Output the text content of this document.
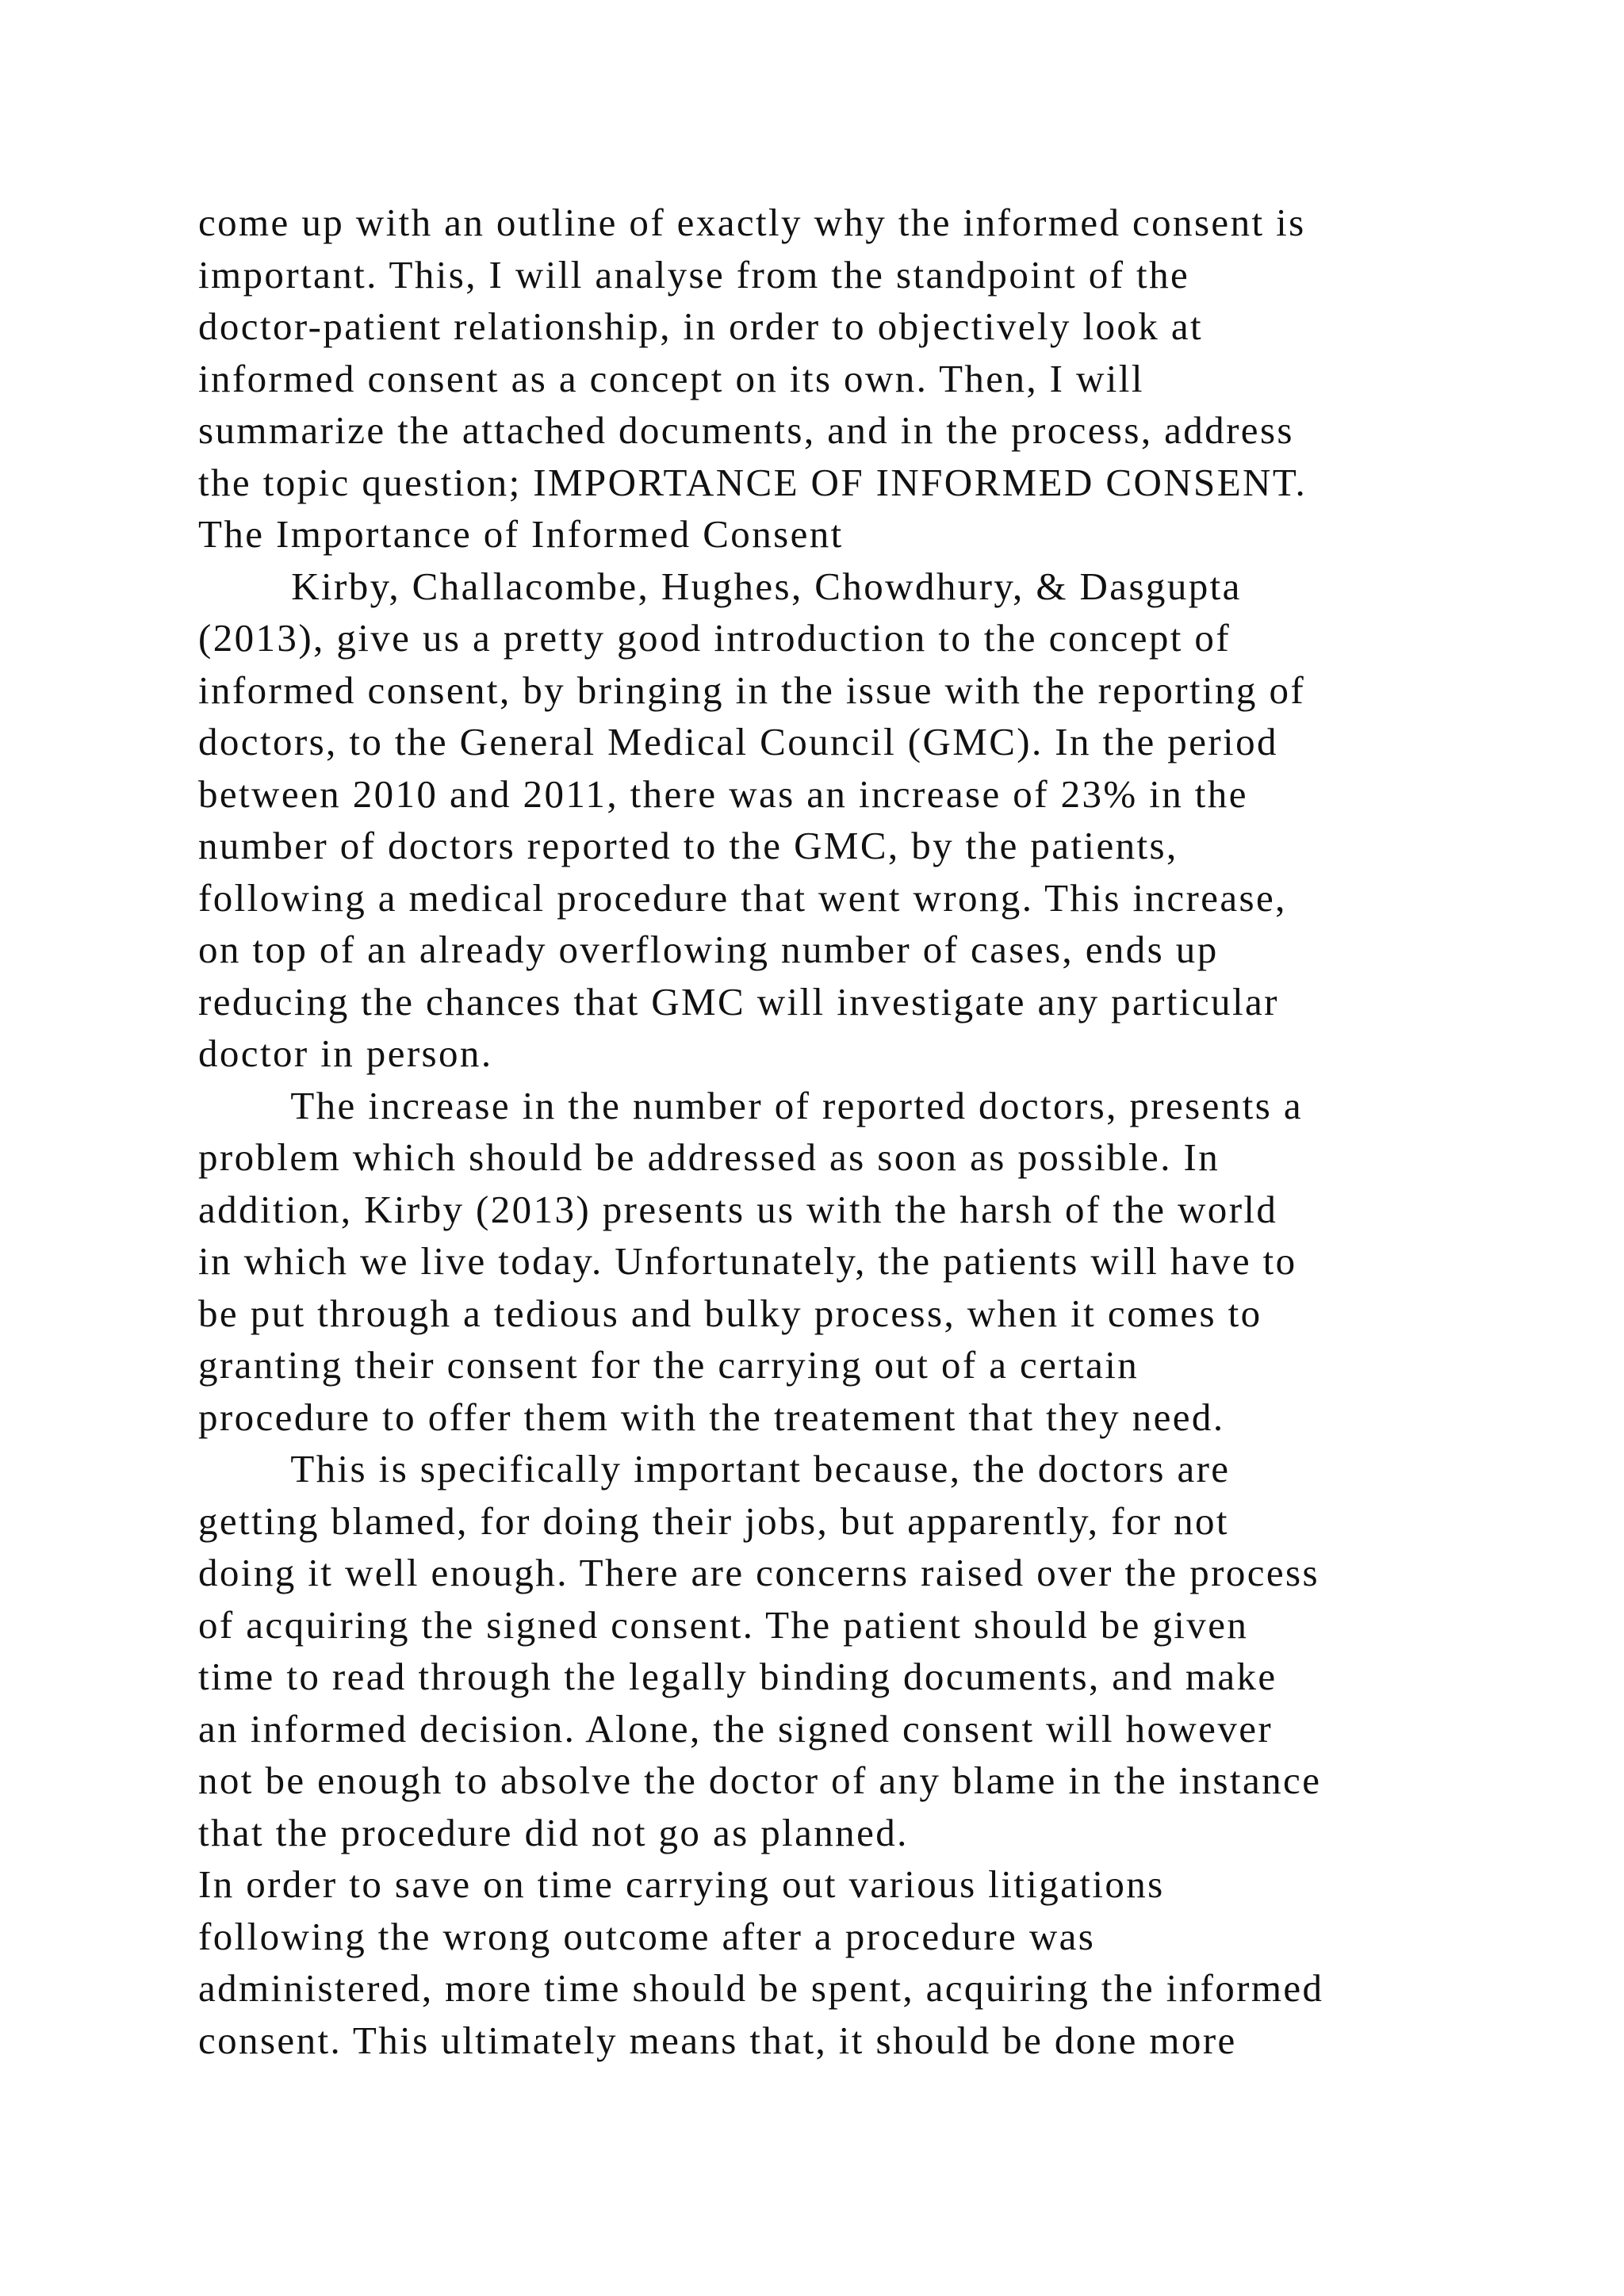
come up with an outline of exactly why the informed consent is
important. This, I will analyse from the standpoint of the
doctor-patient relationship, in order to objectively look at
informed consent as a concept on its own. Then, I will
summarize the attached documents, and in the process, address
the topic question; IMPORTANCE OF INFORMED CONSENT.
The Importance of Informed Consent
Kirby, Challacombe, Hughes, Chowdhury, & Dasgupta
(2013), give us a pretty good introduction to the concept of
informed consent, by bringing in the issue with the reporting of
doctors, to the General Medical Council (GMC). In the period
between 2010 and 2011, there was an increase of 23% in the
number of doctors reported to the GMC, by the patients,
following a medical procedure that went wrong. This increase,
on top of an already overflowing number of cases, ends up
reducing the chances that GMC will investigate any particular
doctor in person.
The increase in the number of reported doctors, presents a
problem which should be addressed as soon as possible. In
addition, Kirby (2013) presents us with the harsh of the world
in which we live today. Unfortunately, the patients will have to
be put through a tedious and bulky process, when it comes to
granting their consent for the carrying out of a certain
procedure to offer them with the treatement that they need.
This is specifically important because, the doctors are
getting blamed, for doing their jobs, but apparently, for not
doing it well enough. There are concerns raised over the process
of acquiring the signed consent. The patient should be given
time to read through the legally binding documents, and make
an informed decision. Alone, the signed consent will however
not be enough to absolve the doctor of any blame in the instance
that the procedure did not go as planned.
In order to save on time carrying out various litigations
following the wrong outcome after a procedure was
administered, more time should be spent, acquiring the informed
consent. This ultimately means that, it should be done more
